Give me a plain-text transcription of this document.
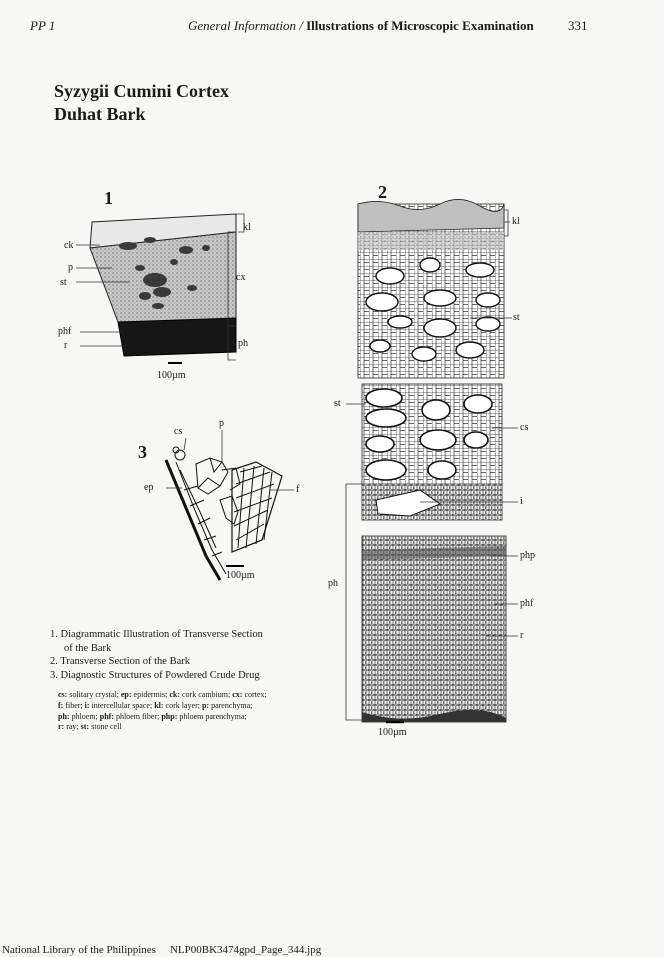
PP 1	General Information / Illustrations of Microscopic Examination	331
Syzygii Cumini Cortex
Duhat Bark
1
ck
p
st
phf
r
kl
cx
ph
100µm
2
kl
st
st
cs
i
php
phf
r
ph
100µm
3
cs
p
ep	f
100µm
1. Diagrammatic Illustration of Transverse Section
of the Bark
2. Transverse Section of the Bark
3. Diagnostic Structures of Powdered Crude Drug
cs: solitary crystal; ep: epidermis; ck: cork cambium; cx: cortex;
f: fiber; i: intercellular space; kl: cork layer; p: parenchyma;
ph: phloem; phf: phloem fiber; php: phloem parenchyma;
r: ray; st: stone cell
National Library of the Philippines NLP00BK3474gpd_Page_344.jpg
